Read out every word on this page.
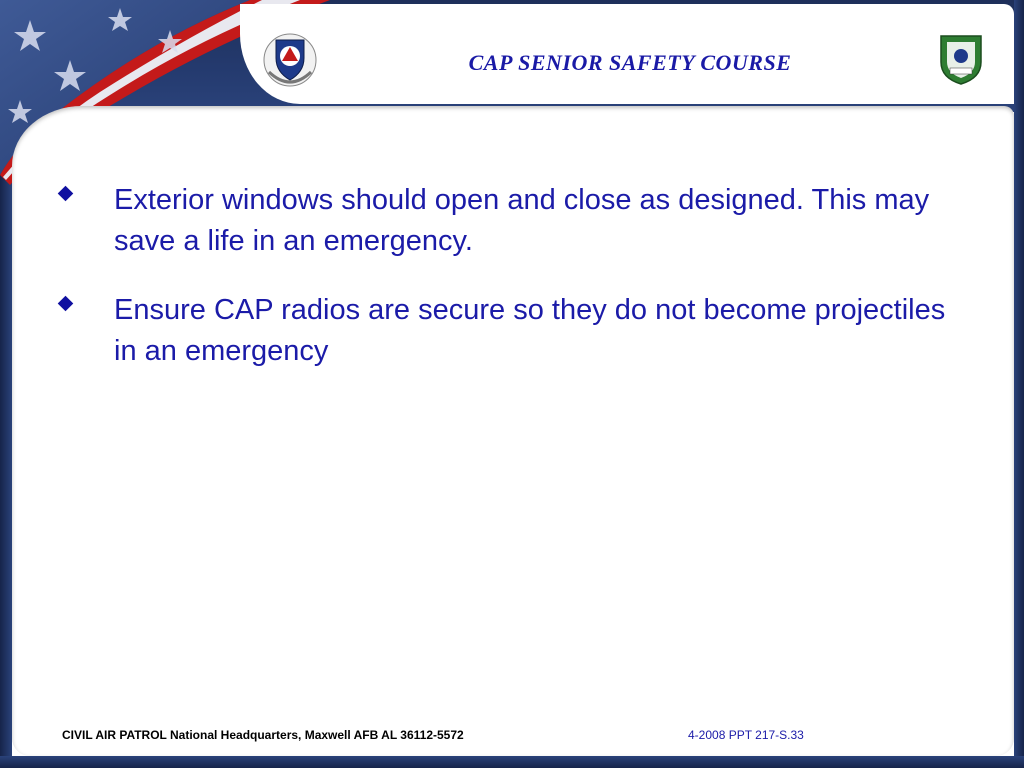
CAP SENIOR SAFETY COURSE
Exterior windows should open and close as designed. This may save a life in an emergency.
Ensure CAP radios are secure so they do not become projectiles in an emergency
CIVIL AIR PATROL National Headquarters, Maxwell AFB AL 36112-5572	4-2008 PPT 217-S.33
